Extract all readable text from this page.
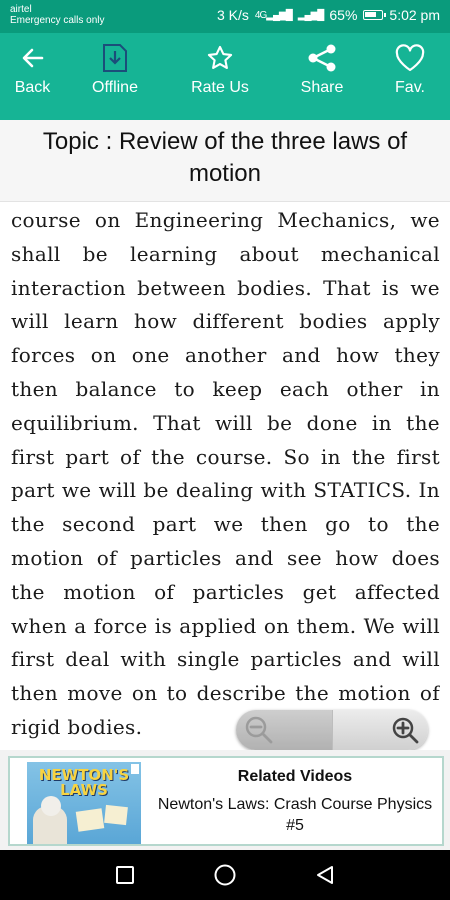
airtel
Emergency calls only	3 K/s 4G▂▄▆█ ▂▄▆█ 65% 5:02 pm
Back	Offline	Rate Us	Share	Fav.
Topic : Review of the three laws of motion
course on Engineering Mechanics, we shall be learning about mechanical interaction between bodies. That is we will learn how different bodies apply forces on one another and how they then balance to keep each other in equilibrium. That will be done in the first part of the course. So in the first part we will be dealing with STATICS. In the second part we then go to the motion of particles and see how does the motion of particles get affected when a force is applied on them. We will first deal with single particles and will then move on to describe the motion of rigid bodies.
NEWTON'S LAWS
Related Videos
Newton's Laws: Crash Course Physics #5
